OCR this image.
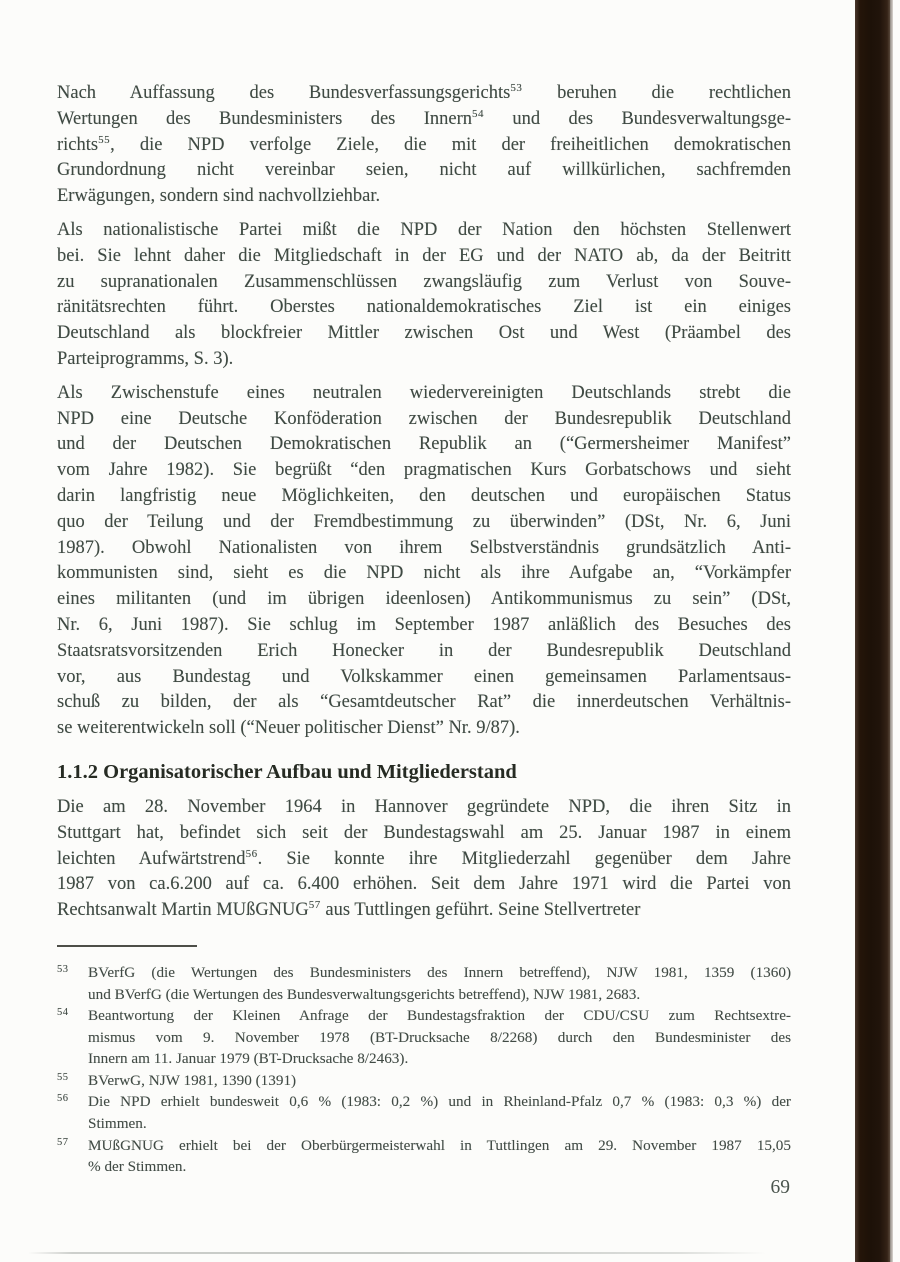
Nach Auffassung des Bundesverfassungsgerichts$^{53}$ beruhen die rechtlichen
Wertungen des Bundesministers des Innern$^{54}$ und des Bundesverwaltungsge-
richts$^{55}$, die NPD verfolge Ziele, die mit der freiheitlichen demokratischen
Grundordnung nicht vereinbar seien, nicht auf willkürlichen, sachfremden
Erwägungen, sondern sind nachvollziehbar.
Als nationalistische Partei mißt die NPD der Nation den höchsten Stellenwert
bei. Sie lehnt daher die Mitgliedschaft in der EG und der NATO ab, da der Beitritt
zu supranationalen Zusammenschlüssen zwangsläufig zum Verlust von Souve-
ränitätsrechten führt. Oberstes nationaldemokratisches Ziel ist ein einiges
Deutschland als blockfreier Mittler zwischen Ost und West (Präambel des
Parteiprogramms, S. 3).
Als Zwischenstufe eines neutralen wiedervereinigten Deutschlands strebt die
NPD eine Deutsche Konföderation zwischen der Bundesrepublik Deutschland
und der Deutschen Demokratischen Republik an (“Germersheimer Manifest”
vom Jahre 1982). Sie begrüßt “den pragmatischen Kurs Gorbatschows und sieht
darin langfristig neue Möglichkeiten, den deutschen und europäischen Status
quo der Teilung und der Fremdbestimmung zu überwinden” (DSt, Nr. 6, Juni
1987). Obwohl Nationalisten von ihrem Selbstverständnis grundsätzlich Anti-
kommunisten sind, sieht es die NPD nicht als ihre Aufgabe an, “Vorkämpfer
eines militanten (und im übrigen ideenlosen) Antikommunismus zu sein” (DSt,
Nr. 6, Juni 1987). Sie schlug im September 1987 anläßlich des Besuches des
Staatsratsvorsitzenden Erich Honecker in der Bundesrepublik Deutschland
vor, aus Bundestag und Volkskammer einen gemeinsamen Parlamentsaus-
schuß zu bilden, der als “Gesamtdeutscher Rat” die innerdeutschen Verhältnis-
se weiterentwickeln soll (“Neuer politischer Dienst” Nr. 9/87).
1.1.2 Organisatorischer Aufbau und Mitgliederstand
Die am 28. November 1964 in Hannover gegründete NPD, die ihren Sitz in
Stuttgart hat, befindet sich seit der Bundestagswahl am 25. Januar 1987 in einem
leichten Aufwärtstrend$^{56}$. Sie konnte ihre Mitgliederzahl gegenüber dem Jahre
1987 von ca.6.200 auf ca. 6.400 erhöhen. Seit dem Jahre 1971 wird die Partei von
Rechtsanwalt Martin MUßGNUG$^{57}$ aus Tuttlingen geführt. Seine Stellvertreter
53 BVerfG (die Wertungen des Bundesministers des Innern betreffend), NJW 1981, 1359 (1360)
und BVerfG (die Wertungen des Bundesverwaltungsgerichts betreffend), NJW 1981, 2683.
54 Beantwortung der Kleinen Anfrage der Bundestagsfraktion der CDU/CSU zum Rechtsextre-
mismus vom 9. November 1978 (BT-Drucksache 8/2268) durch den Bundesminister des
Innern am 11. Januar 1979 (BT-Drucksache 8/2463).
55 BVerwG, NJW 1981, 1390 (1391)
56 Die NPD erhielt bundesweit 0,6 % (1983: 0,2 %) und in Rheinland-Pfalz 0,7 % (1983: 0,3 %) der
Stimmen.
57 MUßGNUG erhielt bei der Oberbürgermeisterwahl in Tuttlingen am 29. November 1987 15,05
% der Stimmen.
69
